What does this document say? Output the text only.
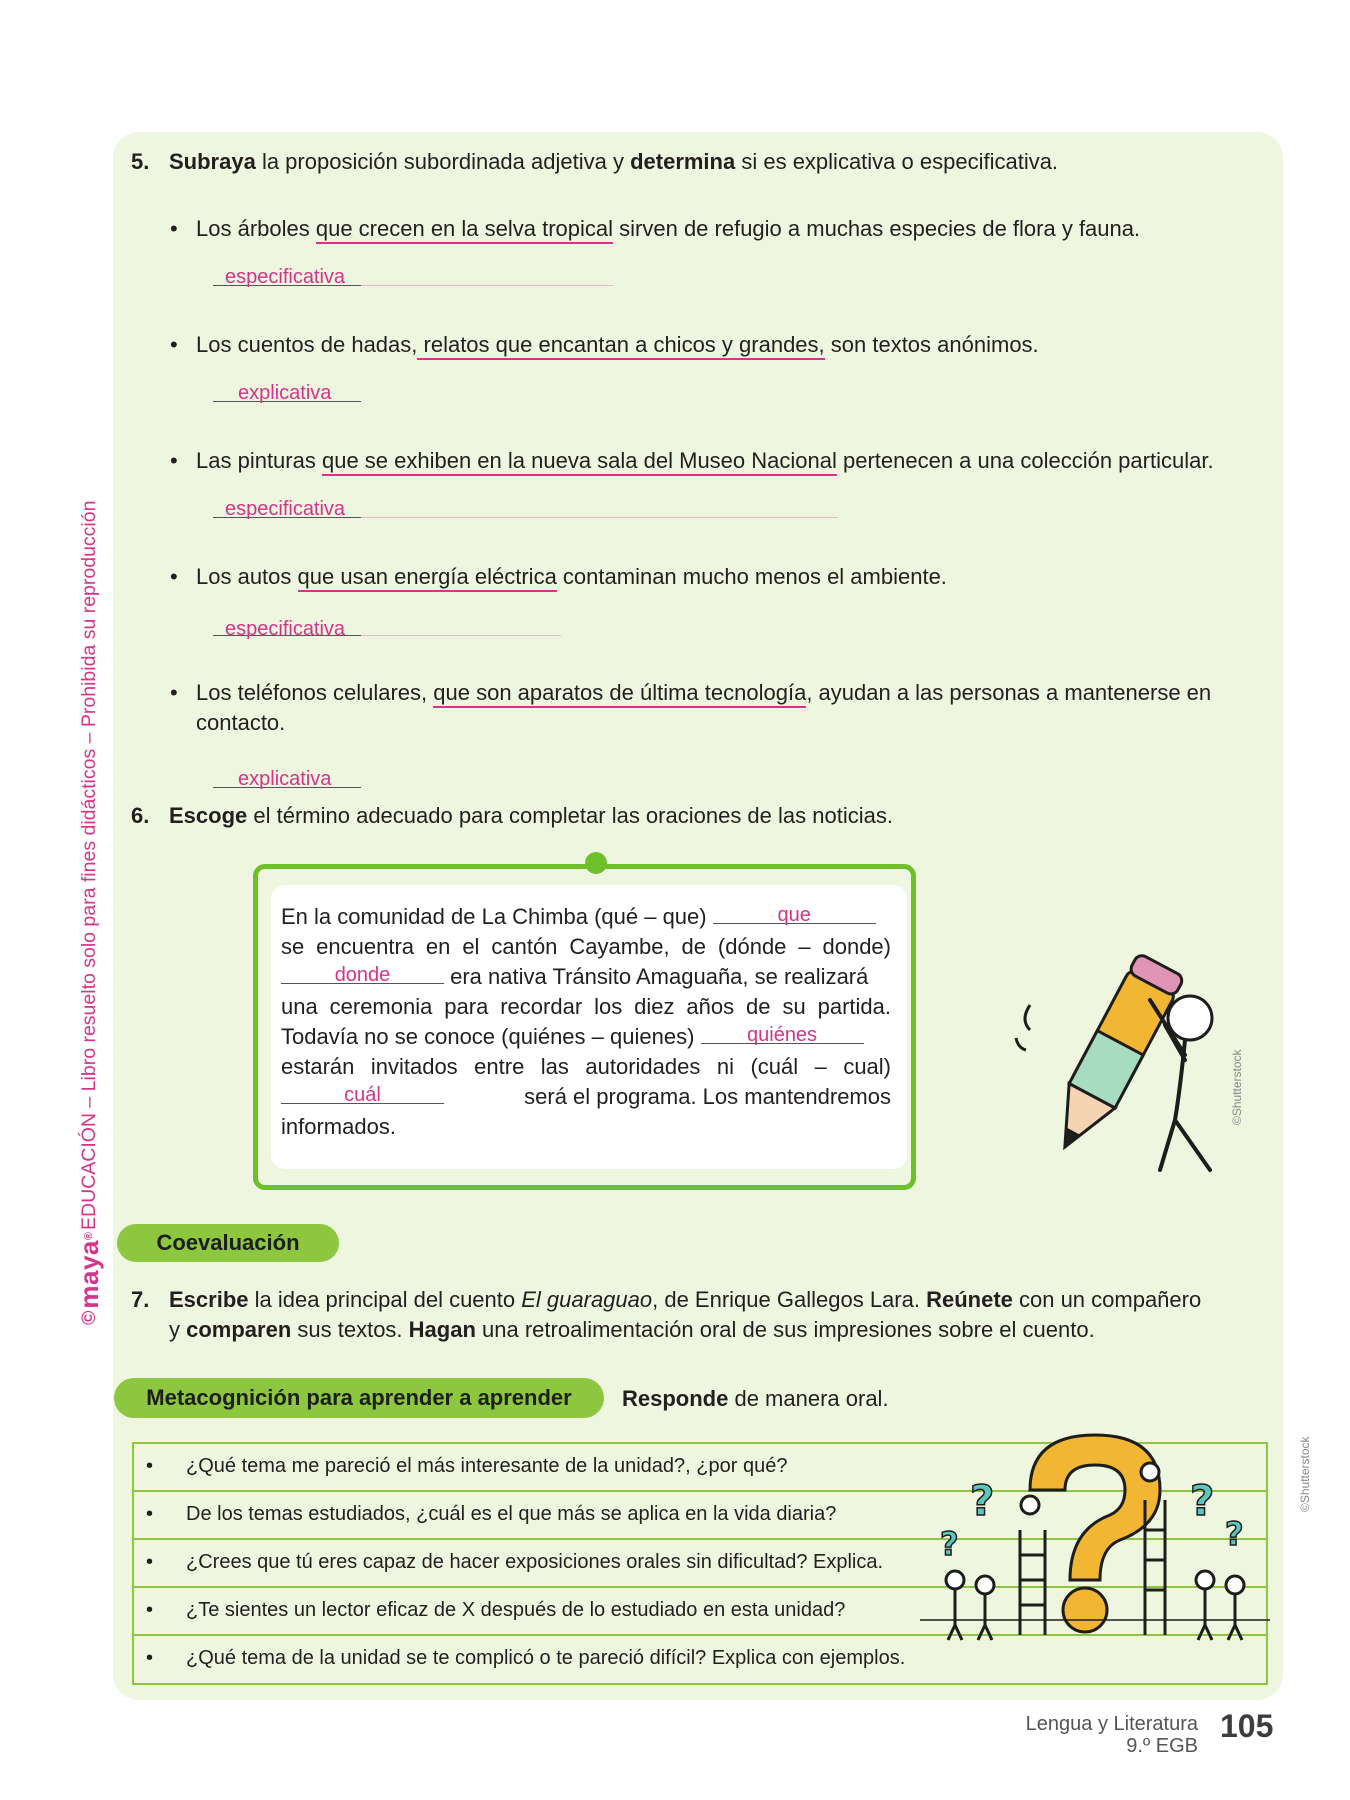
©
maya
®
EDUCACIÓN – Libro resuelto solo para fines didácticos – Prohibida su reproducción
5. Subraya la proposición subordinada adjetiva y determina si es explicativa o especificativa.
• Los árboles que crecen en la selva tropical sirven de refugio a muchas especies de flora y fauna.
especificativa
• Los cuentos de hadas, relatos que encantan a chicos y grandes, son textos anónimos.
explicativa
• Las pinturas que se exhiben en la nueva sala del Museo Nacional pertenecen a una colección particular.
especificativa
• Los autos que usan energía eléctrica contaminan mucho menos el ambiente.
especificativa
• Los teléfonos celulares, que son aparatos de última tecnología, ayudan a las personas a mantenerse en
contacto.
explicativa
6. Escoge el término adecuado para completar las oraciones de las noticias.
En la comunidad de La Chimba (qué – que)	que
se encuentra en el cantón Cayambe, de (dónde – donde)
donde	era nativa Tránsito Amaguaña, se realizará
una ceremonia para recordar los diez años de su partida.
Todavía no se conoce (quiénes – quienes)	quiénes
estarán invitados entre las autoridades ni (cuál – cual)
cuál	será el programa. Los mantendremos
informados.
©Shutterstock
Coevaluación
7. Escribe la idea principal del cuento El guaraguao, de Enrique Gallegos Lara. Reúnete con un compañero
y comparen sus textos. Hagan una retroalimentación oral de sus impresiones sobre el cuento.
Metacognición para aprender a aprender	Responde de manera oral.
• ¿Qué tema me pareció el más interesante de la unidad?, ¿por qué?
• De los temas estudiados, ¿cuál es el que más se aplica en la vida diaria?
• ¿Crees que tú eres capaz de hacer exposiciones orales sin dificultad? Explica.
• ¿Te sientes un lector eficaz de X después de lo estudiado en esta unidad?
• ¿Qué tema de la unidad se te complicó o te pareció difícil? Explica con ejemplos.
?
?
?
?
©Shutterstock
Lengua y Literatura
9.º EGB
105
